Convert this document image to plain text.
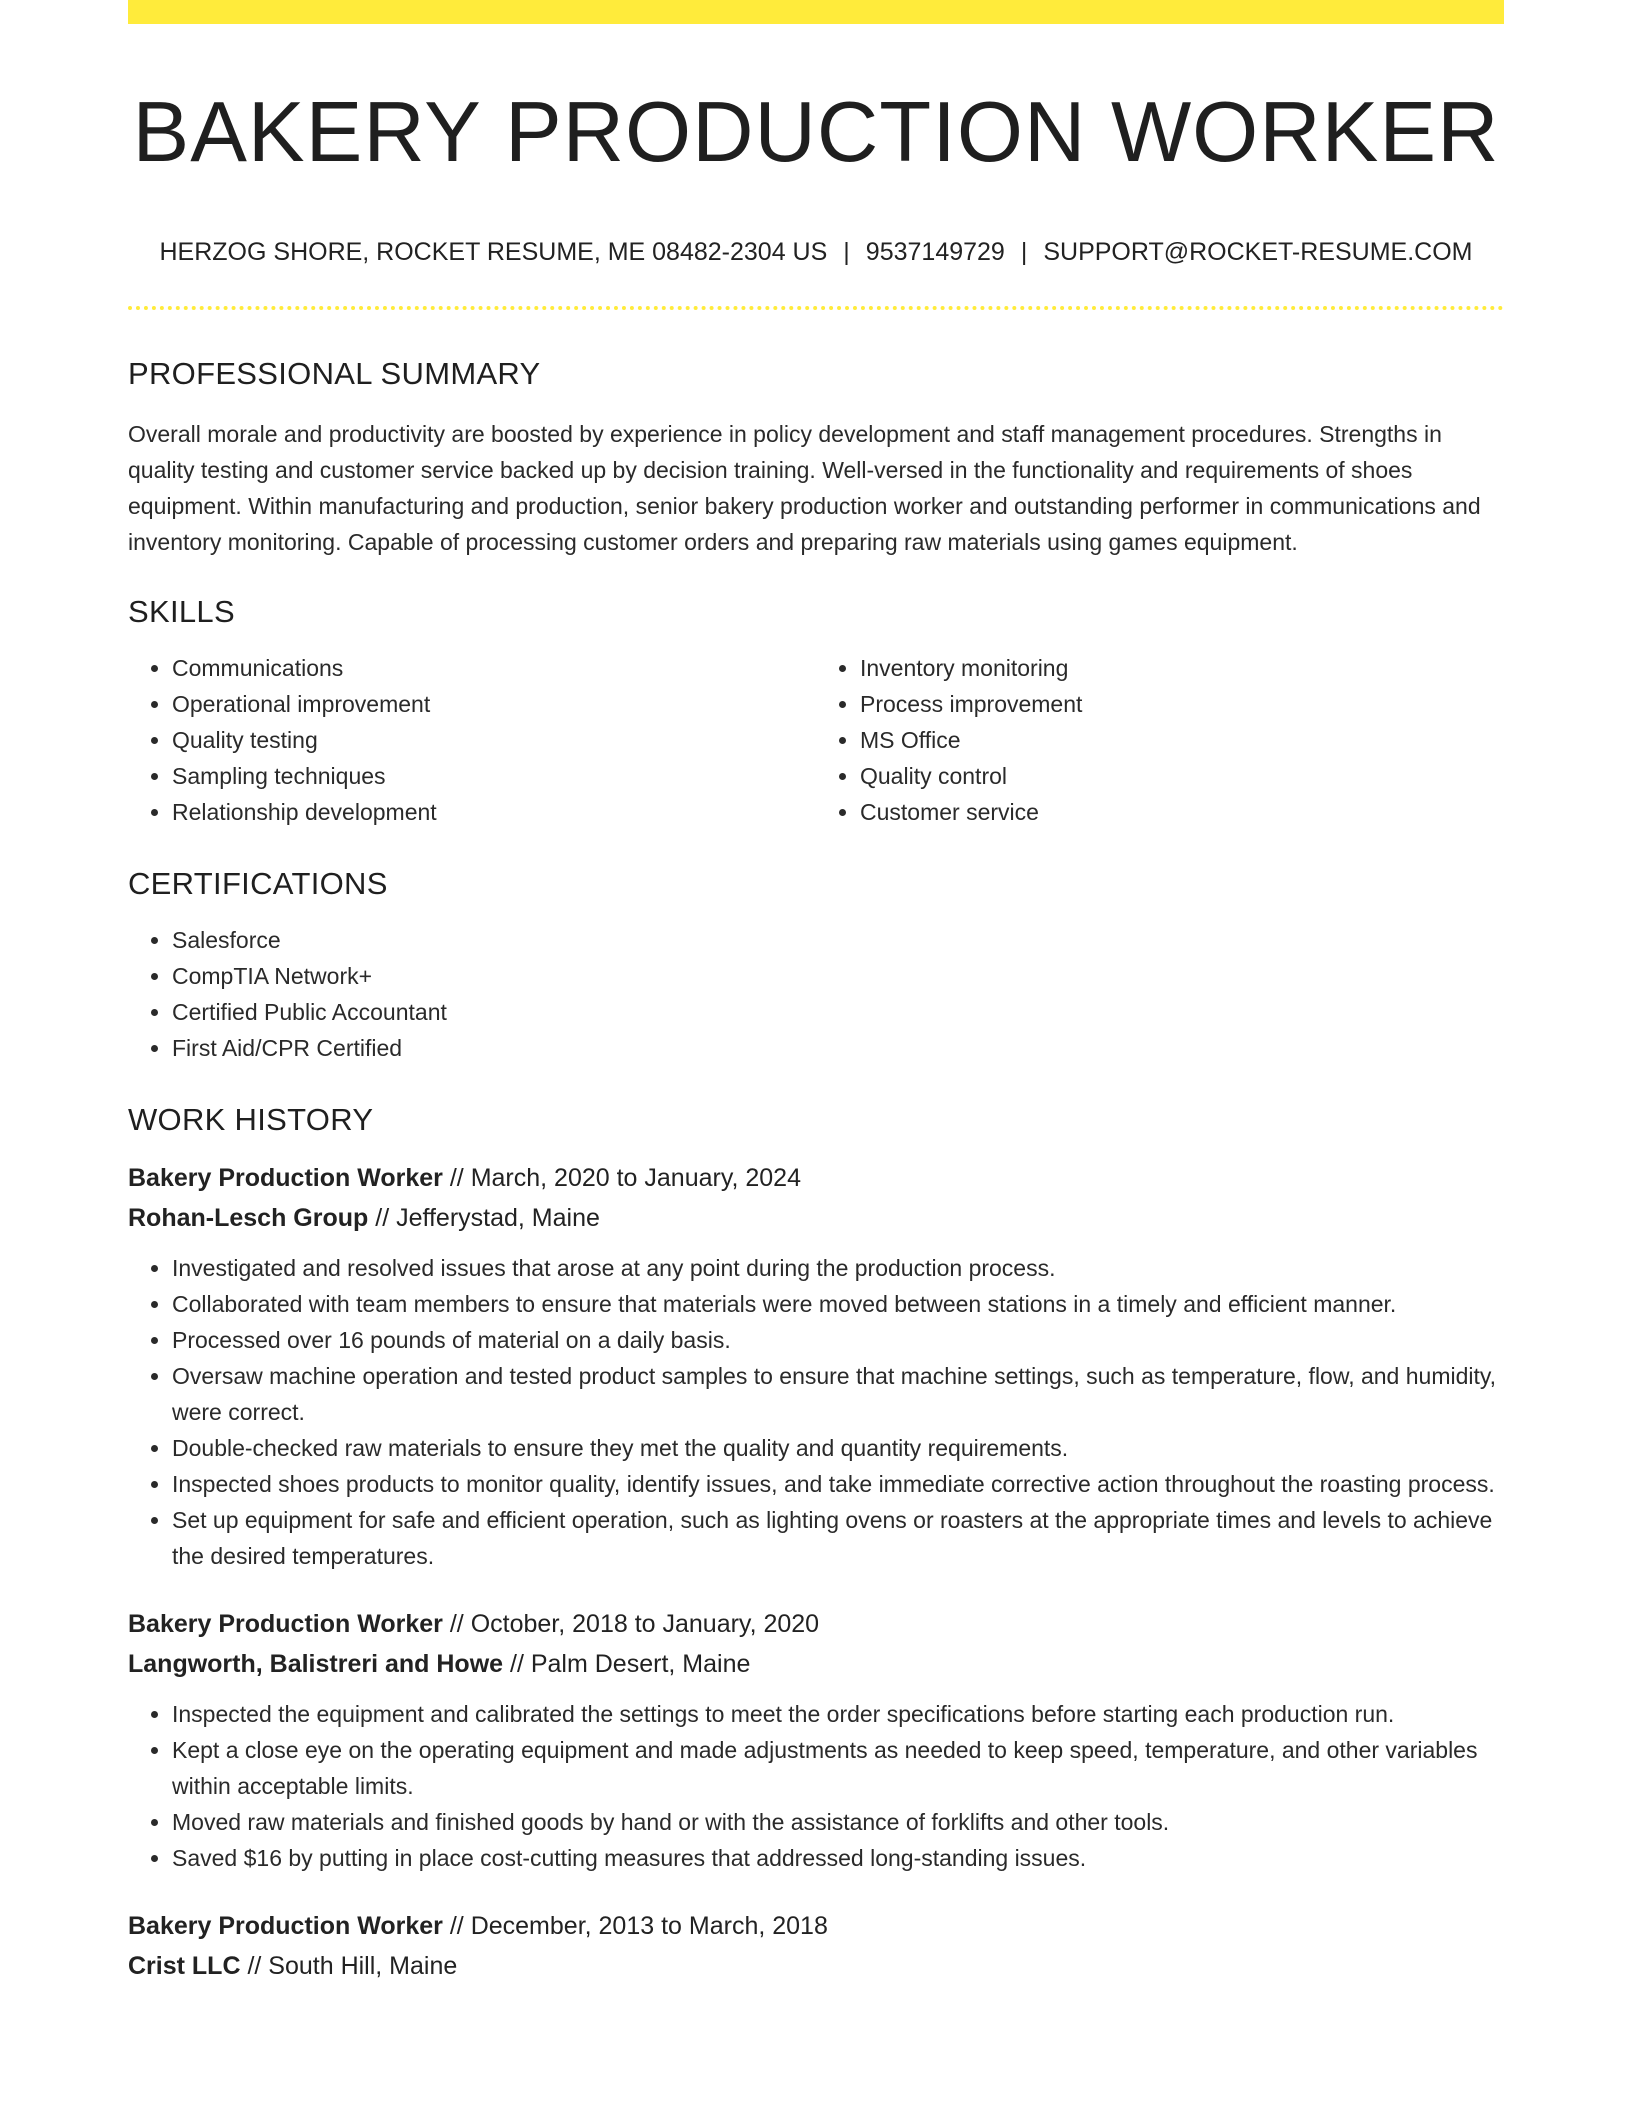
BAKERY PRODUCTION WORKER
HERZOG SHORE, ROCKET RESUME, ME 08482-2304 US | 9537149729 | SUPPORT@ROCKET-RESUME.COM
PROFESSIONAL SUMMARY

Overall morale and productivity are boosted by experience in policy development and staff management procedures. Strengths in quality testing and customer service backed up by decision training. Well-versed in the functionality and requirements of shoes equipment. Within manufacturing and production, senior bakery production worker and outstanding performer in communications and inventory monitoring. Capable of processing customer orders and preparing raw materials using games equipment.

SKILLS
• Communications
• Operational improvement
• Quality testing
• Sampling techniques
• Relationship development
• Inventory monitoring
• Process improvement
• MS Office
• Quality control
• Customer service
CERTIFICATIONS
• Salesforce
• CompTIA Network+
• Certified Public Accountant
• First Aid/CPR Certified
WORK HISTORY
Bakery Production Worker // March, 2020 to January, 2024
Rohan-Lesch Group // Jefferystad, Maine
• Investigated and resolved issues that arose at any point during the production process.
• Collaborated with team members to ensure that materials were moved between stations in a timely and efficient manner.
• Processed over 16 pounds of material on a daily basis.
• Oversaw machine operation and tested product samples to ensure that machine settings, such as temperature, flow, and humidity, were correct.
• Double-checked raw materials to ensure they met the quality and quantity requirements.
• Inspected shoes products to monitor quality, identify issues, and take immediate corrective action throughout the roasting process.
• Set up equipment for safe and efficient operation, such as lighting ovens or roasters at the appropriate times and levels to achieve the desired temperatures.
Bakery Production Worker // October, 2018 to January, 2020
Langworth, Balistreri and Howe // Palm Desert, Maine
• Inspected the equipment and calibrated the settings to meet the order specifications before starting each production run.
• Kept a close eye on the operating equipment and made adjustments as needed to keep speed, temperature, and other variables within acceptable limits.
• Moved raw materials and finished goods by hand or with the assistance of forklifts and other tools.
• Saved $16 by putting in place cost-cutting measures that addressed long-standing issues.
Bakery Production Worker // December, 2013 to March, 2018
Crist LLC // South Hill, Maine
